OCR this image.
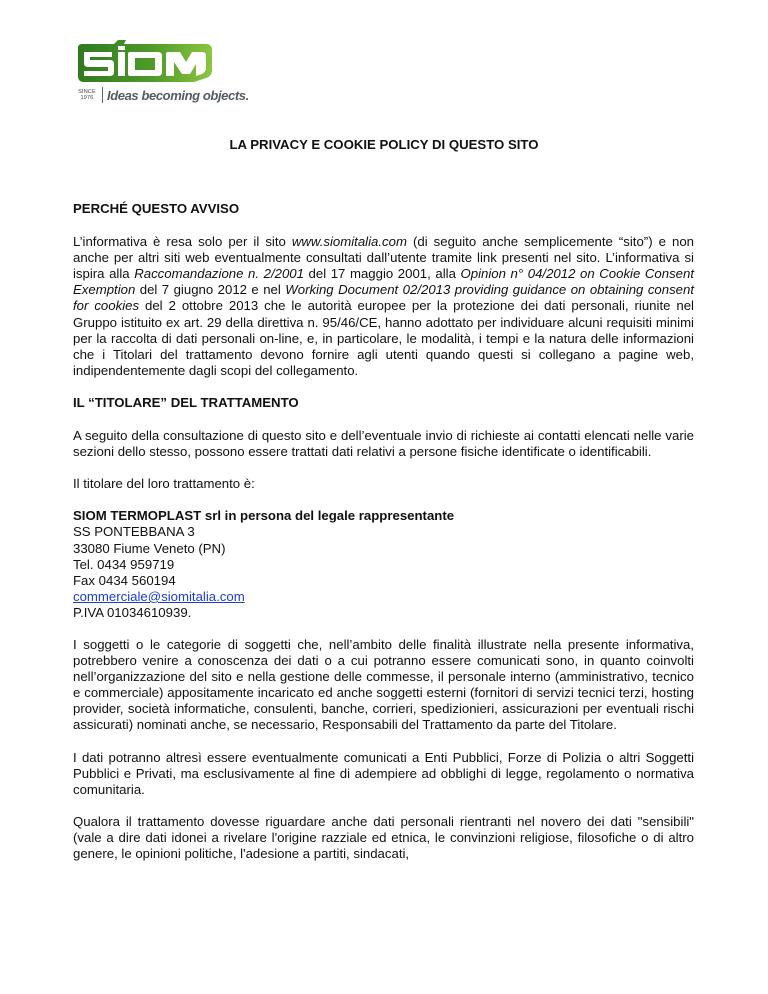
SINCE
1976	Ideas becoming objects.
LA PRIVACY E COOKIE POLICY DI QUESTO SITO
PERCHÉ QUESTO AVVISO

L’informativa è resa solo per il sito www.siomitalia.com (di seguito anche semplicemente “sito”) e non anche per altri siti web eventualmente consultati dall’utente tramite link presenti nel sito. L’informativa si ispira alla Raccomandazione n. 2/2001 del 17 maggio 2001, alla Opinion n° 04/2012 on Cookie Consent Exemption del 7 giugno 2012 e nel Working Document 02/2013 providing guidance on obtaining consent for cookies del 2 ottobre 2013 che le autorità europee per la protezione dei dati personali, riunite nel Gruppo istituito ex art. 29 della direttiva n. 95/46/CE, hanno adottato per individuare alcuni requisiti minimi per la raccolta di dati personali on-line, e, in particolare, le modalità, i tempi e la natura delle informazioni che i Titolari del trattamento devono fornire agli utenti quando questi si collegano a pagine web, indipendentemente dagli scopi del collegamento.

IL “TITOLARE” DEL TRATTAMENTO

A seguito della consultazione di questo sito e dell’eventuale invio di richieste ai contatti elencati nelle varie sezioni dello stesso, possono essere trattati dati relativi a persone fisiche identificate o identificabili.

Il titolare del loro trattamento è:

SIOM TERMOPLAST srl in persona del legale rappresentante
SS PONTEBBANA 3
33080 Fiume Veneto (PN)
Tel. 0434 959719
Fax 0434 560194
commerciale@siomitalia.com
P.IVA 01034610939.

I soggetti o le categorie di soggetti che, nell’ambito delle finalità illustrate nella presente informativa, potrebbero venire a conoscenza dei dati o a cui potranno essere comunicati sono, in quanto coinvolti nell’organizzazione del sito e nella gestione delle commesse, il personale interno (amministrativo, tecnico e commerciale) appositamente incaricato ed anche soggetti esterni (fornitori di servizi tecnici terzi, hosting provider, società informatiche, consulenti, banche, corrieri, spedizionieri, assicurazioni per eventuali rischi assicurati) nominati anche, se necessario, Responsabili del Trattamento da parte del Titolare.

I dati potranno altresì essere eventualmente comunicati a Enti Pubblici, Forze di Polizia o altri Soggetti Pubblici e Privati, ma esclusivamente al fine di adempiere ad obblighi di legge, regolamento o normativa comunitaria.

Qualora il trattamento dovesse riguardare anche dati personali rientranti nel novero dei dati "sensibili" (vale a dire dati idonei a rivelare l'origine razziale ed etnica, le convinzioni religiose, filosofiche o di altro genere, le opinioni politiche, l'adesione a partiti, sindacati,
